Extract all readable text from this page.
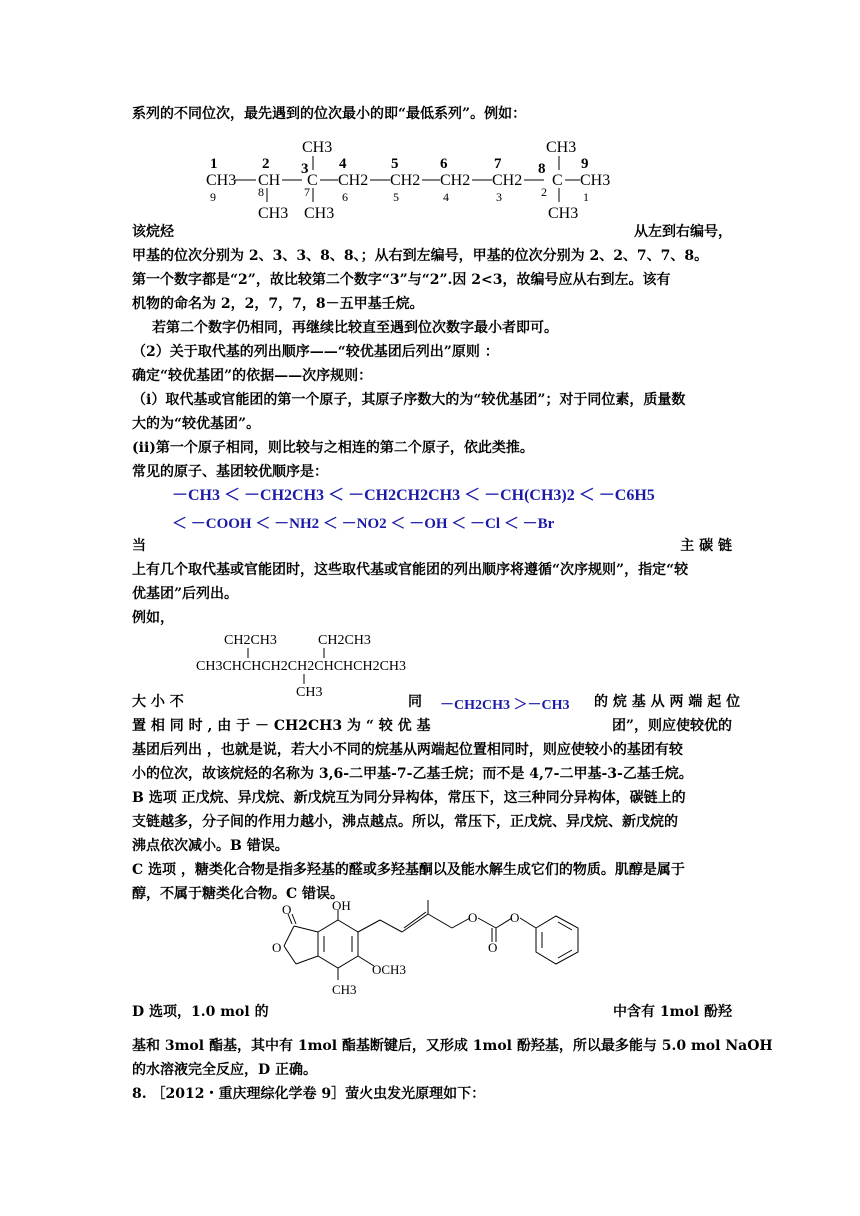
系列的不同位次，最先遇到的位次最小的即“最低系列”。例如：
1	2 3 4	5	6	7 8 9
CH3	CH3
CH3 CH C CH2 CH2 CH2 CH2 C CH3
9	8	7	6	5	4	3	2	1
CH3 CH3	CH3
该烷烃	从左到右编号，
甲基的位次分别为 2、3、3、8、8、；从右到左编号，甲基的位次分别为 2、2、7、7、8。
第一个数字都是“2”，故比较第二个数字“3”与“2”.因 2<3，故编号应从右到左。该有
机物的命名为 2，2，7，7，8－五甲基壬烷。
若第二个数字仍相同，再继续比较直至遇到位次数字最小者即可。
（2）关于取代基的列出顺序——“较优基团后列出”原则 ：
确定“较优基团”的依据——次序规则：
（i）取代基或官能团的第一个原子，其原子序数大的为“较优基团”；对于同位素，质量数
大的为“较优基团”。
(ii)第一个原子相同，则比较与之相连的第二个原子，依此类推。
常见的原子、基团较优顺序是：
－CH3 ＜ －CH2CH3 ＜ －CH2CH2CH3 ＜ －CH(CH3)2 ＜ －C6H5
＜ －COOH ＜ －NH2 ＜ －NO2 ＜ －OH ＜ －Cl ＜ －Br
当	主 碳 链
上有几个取代基或官能团时，这些取代基或官能团的列出顺序将遵循“次序规则”，指定“较
优基团”后列出。
例如，
CH2CH3	CH2CH3
CH3CHCHCH2CH2CHCHCH2CH3
CH3
大 小 不	同	－CH2CH3 ＞－CH3 的 烷 基 从 两 端 起 位
置 相 同 时 , 由 于 － CH2CH3 为 “ 较 优 基	团”，则应使较优的
基团后列出 ，也就是说，若大小不同的烷基从两端起位置相同时，则应使较小的基团有较
小的位次，故该烷烃的名称为 3,6-二甲基-7-乙基壬烷；而不是 4,7-二甲基-3-乙基壬烷。
B 选项 正戊烷、异戊烷、新戊烷互为同分异构体，常压下，这三种同分异构体，碳链上的
支链越多，分子间的作用力越小，沸点越点。所以，常压下，正戊烷、异戊烷、新戊烷的
沸点依次减小。B 错误。
C 选项 ，糖类化合物是指多羟基的醛或多羟基酮以及能水解生成它们的物质。肌醇是属于
醇，不属于糖类化合物。C 错误。
O	OH
O
O
O
O
OCH3
CH3
D 选项，1.0 mol 的	中含有 1mol 酚羟
基和 3mol 酯基，其中有 1mol 酯基断键后，又形成 1mol 酚羟基，所以最多能与 5.0 mol NaOH
的水溶液完全反应，D 正确。
8. ［2012・重庆理综化学卷 9］萤火虫发光原理如下：
